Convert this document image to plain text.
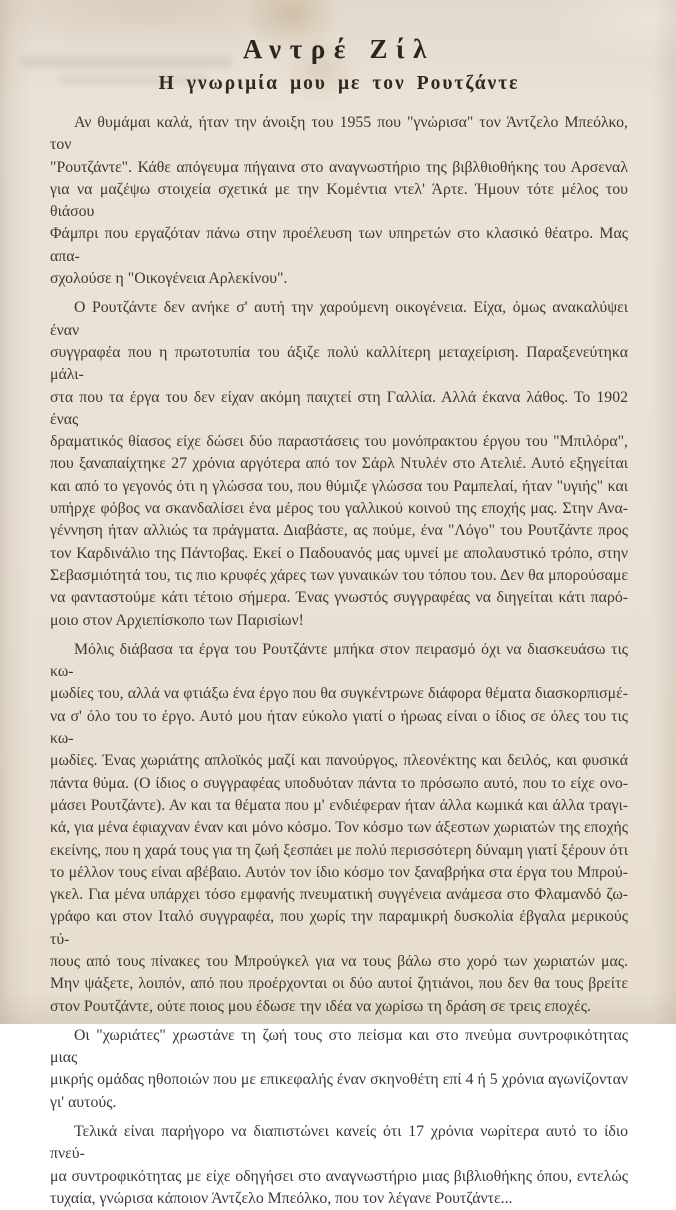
Αντρέ Ζίλ
Η γνωριμία μου με τον Ρουτζάντε
Αν θυμάμαι καλά, ήταν την άνοιξη του 1955 που "γνώρισα" τον Άντζελο Μπεόλκο, τον
"Ρουτζάντε". Κάθε απόγευμα πήγαινα στο αναγνωστήριο της βιβλθιοθήκης του Αρσεναλ
για να μαζέψω στοιχεία σχετικά με την Κομέντια ντελ' Άρτε. Ήμουν τότε μέλος του θιάσου
Φάμπρι που εργαζόταν πάνω στην προέλευση των υπηρετών στο κλασικό θέατρο. Μας απα-
σχολούσε η "Οικογένεια Αρλεκίνου".
Ο Ρουτζάντε δεν ανήκε σ' αυτή την χαρούμενη οικογένεια. Είχα, όμως ανακαλύψει έναν
συγγραφέα που η πρωτοτυπία του άξιζε πολύ καλλίτερη μεταχείριση. Παραξενεύτηκα μάλι-
στα που τα έργα του δεν είχαν ακόμη παιχτεί στη Γαλλία. Αλλά έκανα λάθος. Το 1902 ένας
δραματικός θίασος είχε δώσει δύο παραστάσεις του μονόπρακτου έργου του "Μπιλόρα",
που ξαναπαίχτηκε 27 χρόνια αργότερα από τον Σάρλ Ντυλέν στο Ατελιέ. Αυτό εξηγείται
και από το γεγονός ότι η γλώσσα του, που θύμιζε γλώσσα του Ραμπελαί, ήταν "υγιής" και
υπήρχε φόβος να σκανδαλίσει ένα μέρος του γαλλικού κοινού της εποχής μας. Στην Ανα-
γέννηση ήταν αλλιώς τα πράγματα. Διαβάστε, ας πούμε, ένα "Λόγο" του Ρουτζάντε προς
τον Καρδινάλιο της Πάντοβας. Εκεί ο Παδουανός μας υμνεί με απολαυστικό τρόπο, στην
Σεβασμιότητά του, τις πιο κρυφές χάρες των γυναικών του τόπου του. Δεν θα μπορούσαμε
να φανταστούμε κάτι τέτοιο σήμερα. Ένας γνωστός συγγραφέας να διηγείται κάτι παρό-
μοιο στον Αρχιεπίσκοπο των Παρισίων!
Μόλις διάβασα τα έργα του Ρουτζάντε μπήκα στον πειρασμό όχι να διασκευάσω τις κω-
μωδίες του, αλλά να φτιάξω ένα έργο που θα συγκέντρωνε διάφορα θέματα διασκορπισμέ-
να σ' όλο του το έργο. Αυτό μου ήταν εύκολο γιατί ο ήρωας είναι ο ίδιος σε όλες του τις κω-
μωδίες. Ένας χωριάτης απλοϊκός μαζί και πανούργος, πλεονέκτης και δειλός, και φυσικά
πάντα θύμα. (Ο ίδιος ο συγγραφέας υποδυόταν πάντα το πρόσωπο αυτό, που το είχε ονο-
μάσει Ρουτζάντε). Αν και τα θέματα που μ' ενδιέφεραν ήταν άλλα κωμικά και άλλα τραγι-
κά, για μένα έφιαχναν έναν και μόνο κόσμο. Τον κόσμο των άξεστων χωριατών της εποχής
εκείνης, που η χαρά τους για τη ζωή ξεσπάει με πολύ περισσότερη δύναμη γιατί ξέρουν ότι
το μέλλον τους είναι αβέβαιο. Αυτόν τον ίδιο κόσμο τον ξαναβρήκα στα έργα του Μπρού-
γκελ. Για μένα υπάρχει τόσο εμφανής πνευματική συγγένεια ανάμεσα στο Φλαμανδό ζω-
γράφο και στον Ιταλό συγγραφέα, που χωρίς την παραμικρή δυσκολία έβγαλα μερικούς τύ-
πους από τους πίνακες του Μπρούγκελ για να τους βάλω στο χορό των χωριατών μας.
Μην ψάξετε, λοιπόν, από που προέρχονται οι δύο αυτοί ζητιάνοι, που δεν θα τους βρείτε
στον Ρουτζάντε, ούτε ποιος μου έδωσε την ιδέα να χωρίσω τη δράση σε τρεις εποχές.
Οι "χωριάτες" χρωστάνε τη ζωή τους στο πείσμα και στο πνεύμα συντροφικότητας μιας
μικρής ομάδας ηθοποιών που με επικεφαλής έναν σκηνοθέτη επί 4 ή 5 χρόνια αγωνίζονταν
γι' αυτούς.
Τελικά είναι παρήγορο να διαπιστώνει κανείς ότι 17 χρόνια νωρίτερα αυτό το ίδιο πνεύ-
μα συντροφικότητας με είχε οδηγήσει στο αναγνωστήριο μιας βιβλιοθήκης όπου, εντελώς
τυχαία, γνώρισα κάποιον Άντζελο Μπεόλκο, που τον λέγανε Ρουτζάντε...
